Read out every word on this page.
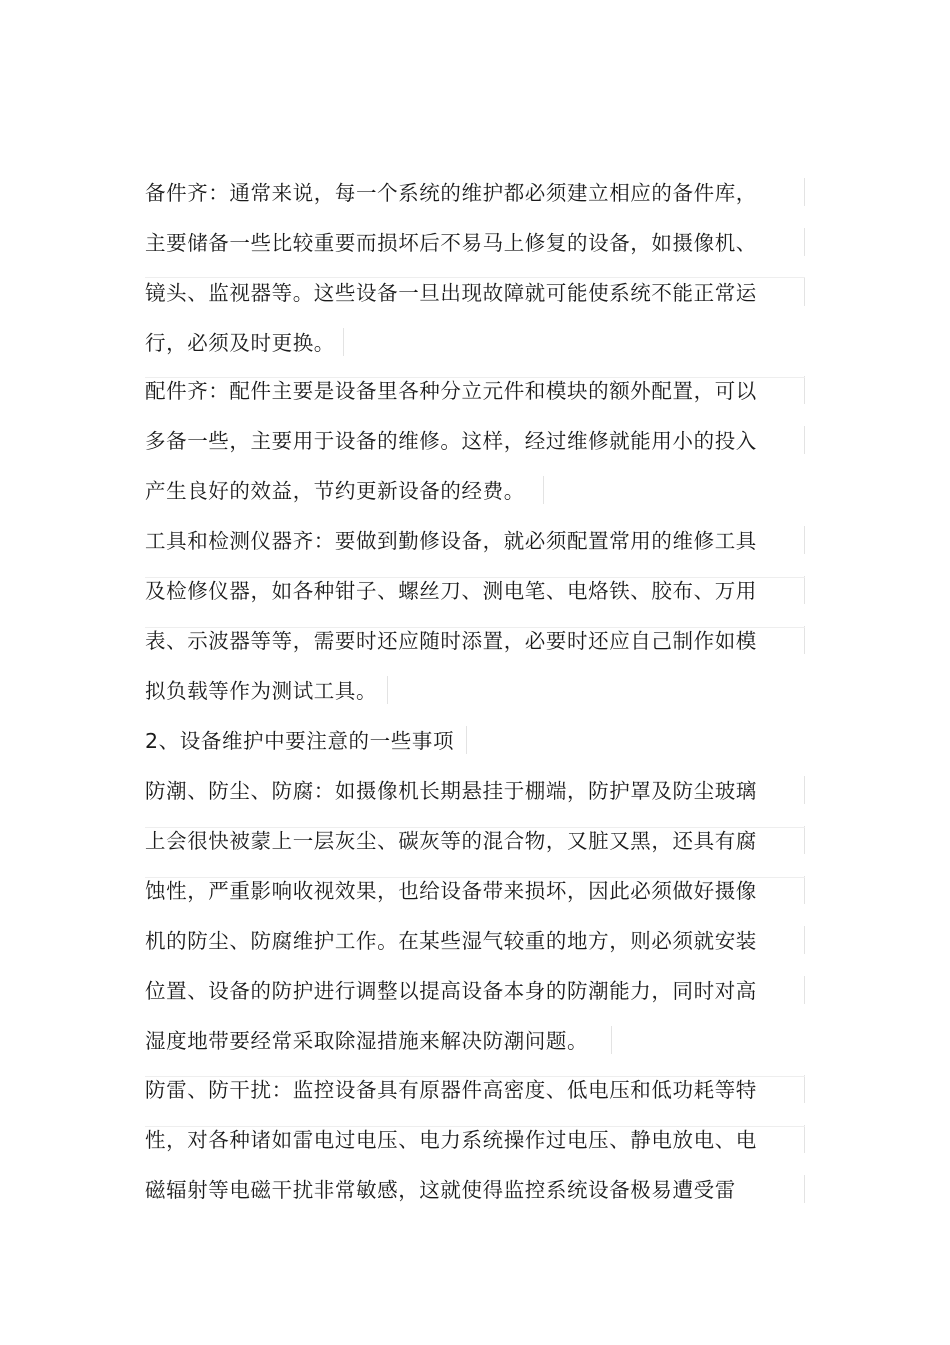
备件齐：通常来说，每一个系统的维护都必须建立相应的备件库，
主要储备一些比较重要而损坏后不易马上修复的设备，如摄像机、
镜头、监视器等。这些设备一旦出现故障就可能使系统不能正常运
行，必须及时更换。
配件齐：配件主要是设备里各种分立元件和模块的额外配置，可以
多备一些，主要用于设备的维修。这样，经过维修就能用小的投入
产生良好的效益，节约更新设备的经费。
工具和检测仪器齐：要做到勤修设备，就必须配置常用的维修工具
及检修仪器，如各种钳子、螺丝刀、测电笔、电烙铁、胶布、万用
表、示波器等等，需要时还应随时添置，必要时还应自己制作如模
拟负载等作为测试工具。
2、设备维护中要注意的一些事项
防潮、防尘、防腐：如摄像机长期悬挂于棚端，防护罩及防尘玻璃
上会很快被蒙上一层灰尘、碳灰等的混合物，又脏又黑，还具有腐
蚀性，严重影响收视效果，也给设备带来损坏，因此必须做好摄像
机的防尘、防腐维护工作。在某些湿气较重的地方，则必须就安装
位置、设备的防护进行调整以提高设备本身的防潮能力，同时对高
湿度地带要经常采取除湿措施来解决防潮问题。
防雷、防干扰：监控设备具有原器件高密度、低电压和低功耗等特
性，对各种诸如雷电过电压、电力系统操作过电压、静电放电、电
磁辐射等电磁干扰非常敏感，这就使得监控系统设备极易遭受雷
